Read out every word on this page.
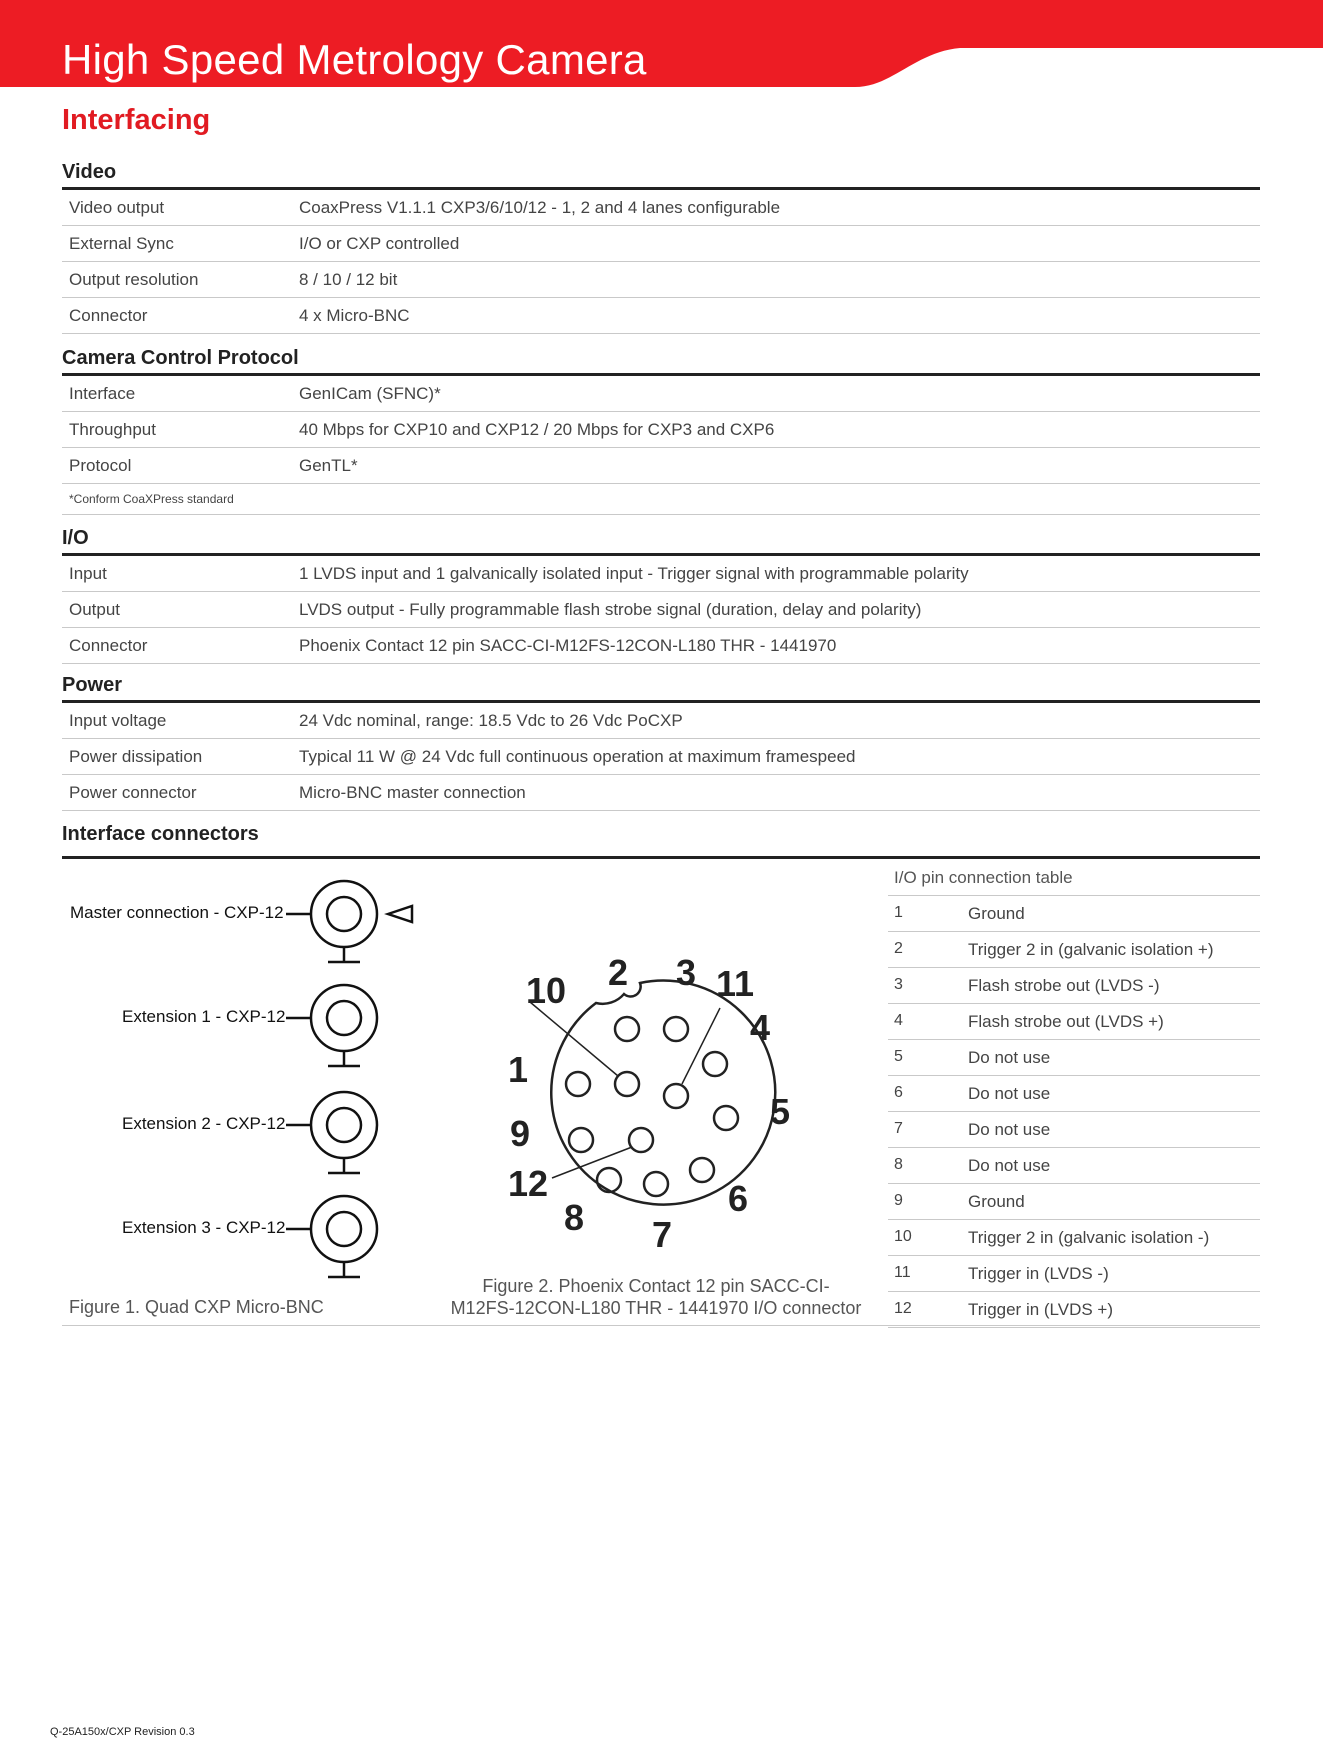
High Speed Metrology Camera
Interfacing
Video
Video output	CoaxPress V1.1.1 CXP3/6/10/12 - 1, 2 and 4 lanes configurable
External Sync	I/O or CXP controlled
Output resolution	8 / 10 / 12 bit
Connector	4 x Micro-BNC
Camera Control Protocol
Interface	GenICam (SFNC)*
Throughput	40 Mbps for CXP10 and CXP12 / 20 Mbps for CXP3 and CXP6
Protocol	GenTL*
*Conform CoaXPress standard
I/O
Input	1 LVDS input and 1 galvanically isolated input - Trigger signal with programmable polarity
Output	LVDS output - Fully programmable flash strobe signal (duration, delay and polarity)
Connector	Phoenix Contact 12 pin SACC-CI-M12FS-12CON-L180 THR - 1441970
Power
Input voltage	24 Vdc nominal, range: 18.5 Vdc to 26 Vdc PoCXP
Power dissipation	Typical 11 W @ 24 Vdc full continuous operation at maximum framespeed
Power connector	Micro-BNC master connection
Interface connectors
Master connection - CXP-12
Extension 1 - CXP-12
Extension 2 - CXP-12
Extension 3 - CXP-12
Figure 1. Quad CXP Micro-BNC
10 2 3 11
4
1
5
9
12	6
8 7
Figure 2. Phoenix Contact 12 pin SACC-CI-
M12FS-12CON-L180 THR - 1441970 I/O connector
I/O pin connection table
1	Ground
2	Trigger 2 in (galvanic isolation +)
3	Flash strobe out (LVDS -)
4	Flash strobe out (LVDS +)
5	Do not use
6	Do not use
7	Do not use
8	Do not use
9	Ground
10	Trigger 2 in (galvanic isolation -)
11	Trigger in (LVDS -)
12	Trigger in (LVDS +)
Q-25A150x/CXP Revision 0.3
